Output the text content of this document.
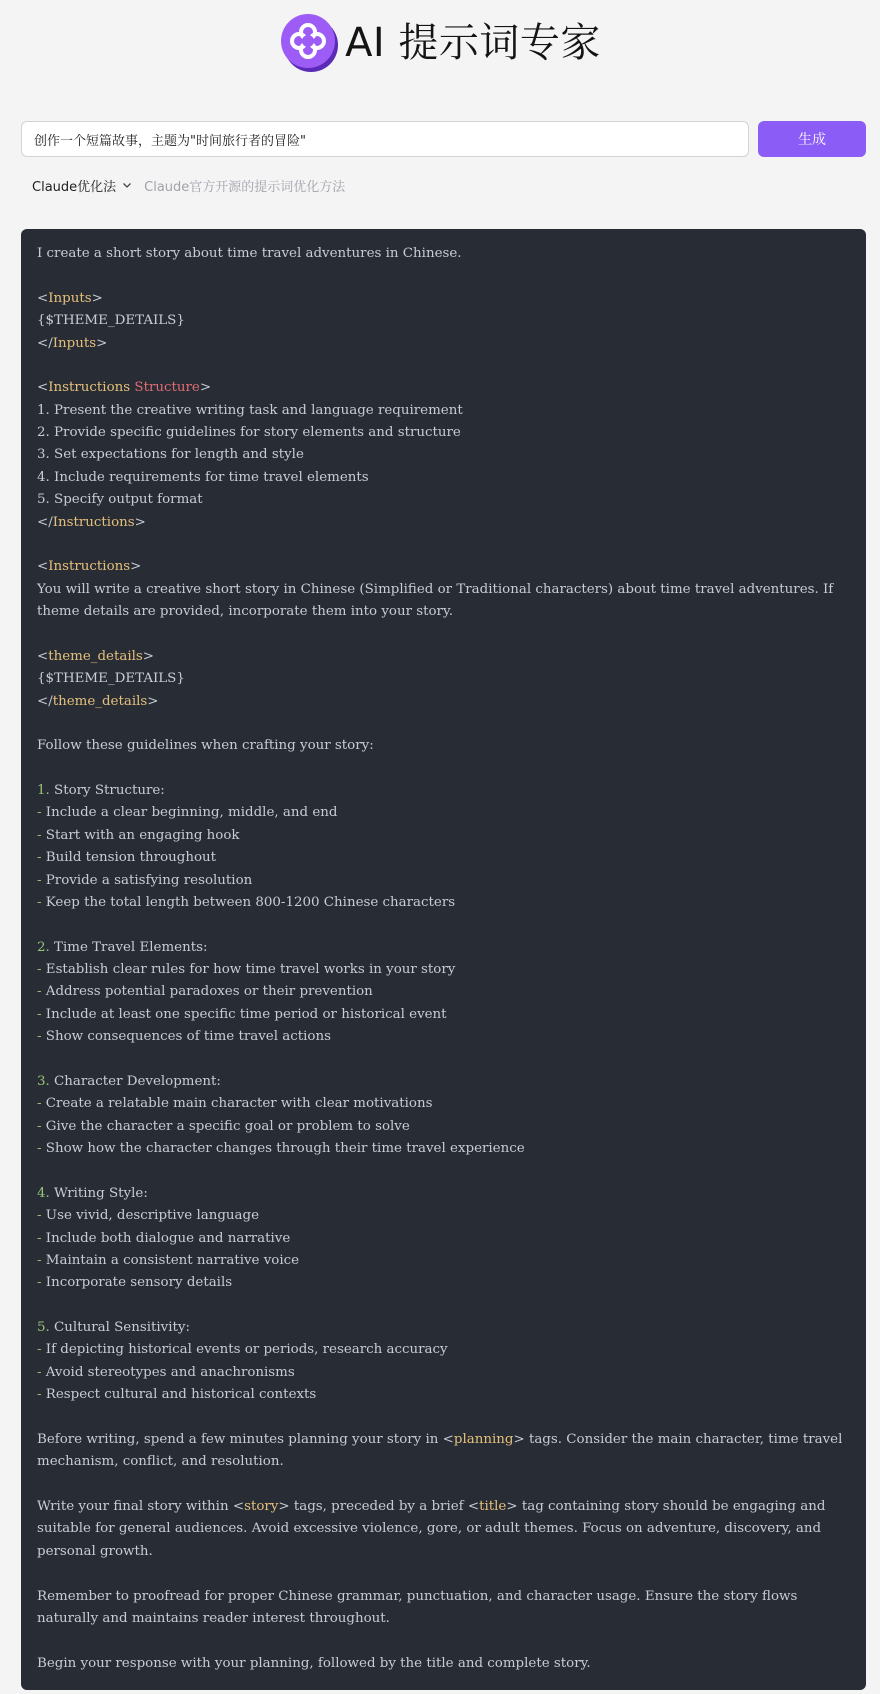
AI 提示词专家
创作一个短篇故事，主题为"时间旅行者的冒险"
生成
Claude优化法 Claude官方开源的提示词优化方法
I create a short story about time travel adventures in Chinese.

<Inputs>
{$THEME_DETAILS}
</Inputs>

<Instructions Structure>
1. Present the creative writing task and language requirement
2. Provide specific guidelines for story elements and structure
3. Set expectations for length and style
4. Include requirements for time travel elements
5. Specify output format
</Instructions>

<Instructions>
You will write a creative short story in Chinese (Simplified or Traditional characters) about time travel adventures. If theme details are provided, incorporate them into your story.

<theme_details>
{$THEME_DETAILS}
</theme_details>

Follow these guidelines when crafting your story:

1. Story Structure:
- Include a clear beginning, middle, and end
- Start with an engaging hook
- Build tension throughout
- Provide a satisfying resolution
- Keep the total length between 800-1200 Chinese characters

2. Time Travel Elements:
- Establish clear rules for how time travel works in your story
- Address potential paradoxes or their prevention
- Include at least one specific time period or historical event
- Show consequences of time travel actions

3. Character Development:
- Create a relatable main character with clear motivations
- Give the character a specific goal or problem to solve
- Show how the character changes through their time travel experience

4. Writing Style:
- Use vivid, descriptive language
- Include both dialogue and narrative
- Maintain a consistent narrative voice
- Incorporate sensory details

5. Cultural Sensitivity:
- If depicting historical events or periods, research accuracy
- Avoid stereotypes and anachronisms
- Respect cultural and historical contexts

Before writing, spend a few minutes planning your story in <planning> tags. Consider the main character, time travel mechanism, conflict, and resolution.

Write your final story within <story> tags, preceded by a brief <title> tag containing story should be engaging and suitable for general audiences. Avoid excessive violence, gore, or adult themes. Focus on adventure, discovery, and personal growth.

Remember to proofread for proper Chinese grammar, punctuation, and character usage. Ensure the story flows naturally and maintains reader interest throughout.

Begin your response with your planning, followed by the title and complete story.
